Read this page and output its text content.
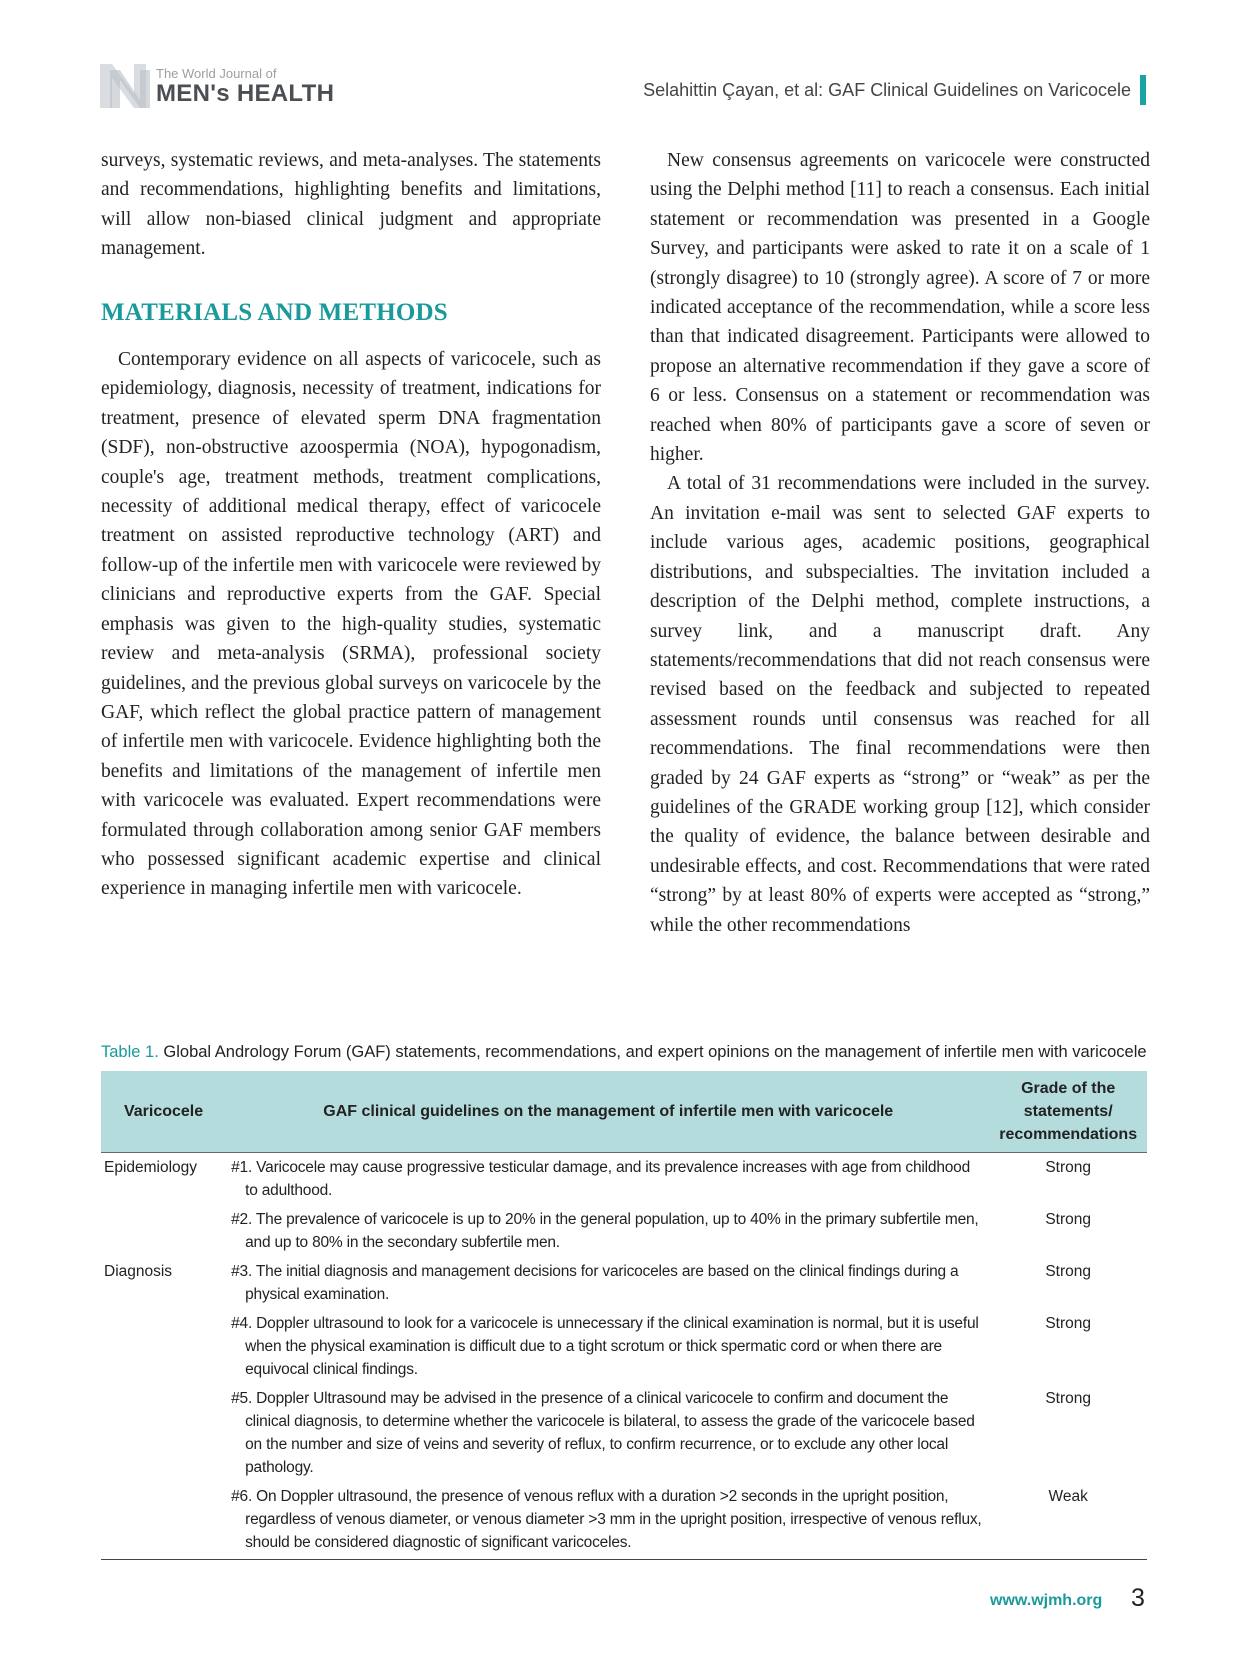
The World Journal of
MEN's HEALTH	Selahittin Çayan, et al: GAF Clinical Guidelines on Varicocele

surveys, systematic reviews, and meta-analyses. The statements and recommendations, highlighting benefits and limitations, will allow non-biased clinical judgment and appropriate management.

MATERIALS AND METHODS

Contemporary evidence on all aspects of varicocele, such as epidemiology, diagnosis, necessity of treatment, indications for treatment, presence of elevated sperm DNA fragmentation (SDF), non-obstructive azoospermia (NOA), hypogonadism, couple's age, treatment methods, treatment complications, necessity of additional medical therapy, effect of varicocele treatment on assisted reproductive technology (ART) and follow-up of the infertile men with varicocele were reviewed by clinicians and reproductive experts from the GAF. Special emphasis was given to the high-quality studies, systematic review and meta-analysis (SRMA), professional society guidelines, and the previous global surveys on varicocele by the GAF, which reflect the global practice pattern of management of infertile men with varicocele. Evidence highlighting both the benefits and limitations of the management of infertile men with varicocele was evaluated. Expert recommendations were formulated through collaboration among senior GAF members who possessed significant academic expertise and clinical experience in managing infertile men with varicocele.

New consensus agreements on varicocele were constructed using the Delphi method [11] to reach a consensus. Each initial statement or recommendation was presented in a Google Survey, and participants were asked to rate it on a scale of 1 (strongly disagree) to 10 (strongly agree). A score of 7 or more indicated acceptance of the recommendation, while a score less than that indicated disagreement. Participants were allowed to propose an alternative recommendation if they gave a score of 6 or less. Consensus on a statement or recommendation was reached when 80% of participants gave a score of seven or higher.

A total of 31 recommendations were included in the survey. An invitation e-mail was sent to selected GAF experts to include various ages, academic positions, geographical distributions, and subspecialties. The invitation included a description of the Delphi method, complete instructions, a survey link, and a manuscript draft. Any statements/recommendations that did not reach consensus were revised based on the feedback and subjected to repeated assessment rounds until consensus was reached for all recommendations. The final recommendations were then graded by 24 GAF experts as “strong” or “weak” as per the guidelines of the GRADE working group [12], which consider the quality of evidence, the balance between desirable and undesirable effects, and cost. Recommendations that were rated “strong” by at least 80% of experts were accepted as “strong,” while the other recommendations

Table 1. Global Andrology Forum (GAF) statements, recommendations, and expert opinions on the management of infertile men with varicocele
Varicocele	GAF clinical guidelines on the management of infertile men with varicocele	Grade of the statements/ recommendations
Epidemiology	#1. Varicocele may cause progressive testicular damage, and its prevalence increases with age from childhood to adulthood.	Strong

	#2. The prevalence of varicocele is up to 20% in the general population, up to 40% in the primary subfertile men, and up to 80% in the secondary subfertile men.	Strong
Diagnosis	#3. The initial diagnosis and management decisions for varicoceles are based on the clinical findings during a physical examination.	Strong

	#4. Doppler ultrasound to look for a varicocele is unnecessary if the clinical examination is normal, but it is useful when the physical examination is difficult due to a tight scrotum or thick spermatic cord or when there are equivocal clinical findings.	Strong

	#5. Doppler Ultrasound may be advised in the presence of a clinical varicocele to confirm and document the clinical diagnosis, to determine whether the varicocele is bilateral, to assess the grade of the varicocele based on the number and size of veins and severity of reflux, to confirm recurrence, or to exclude any other local pathology.	Strong

	#6. On Doppler ultrasound, the presence of venous reflux with a duration >2 seconds in the upright position, regardless of venous diameter, or venous diameter >3 mm in the upright position, irrespective of venous reflux, should be considered diagnostic of significant varicoceles.	Weak
www.wjmh.org 3
